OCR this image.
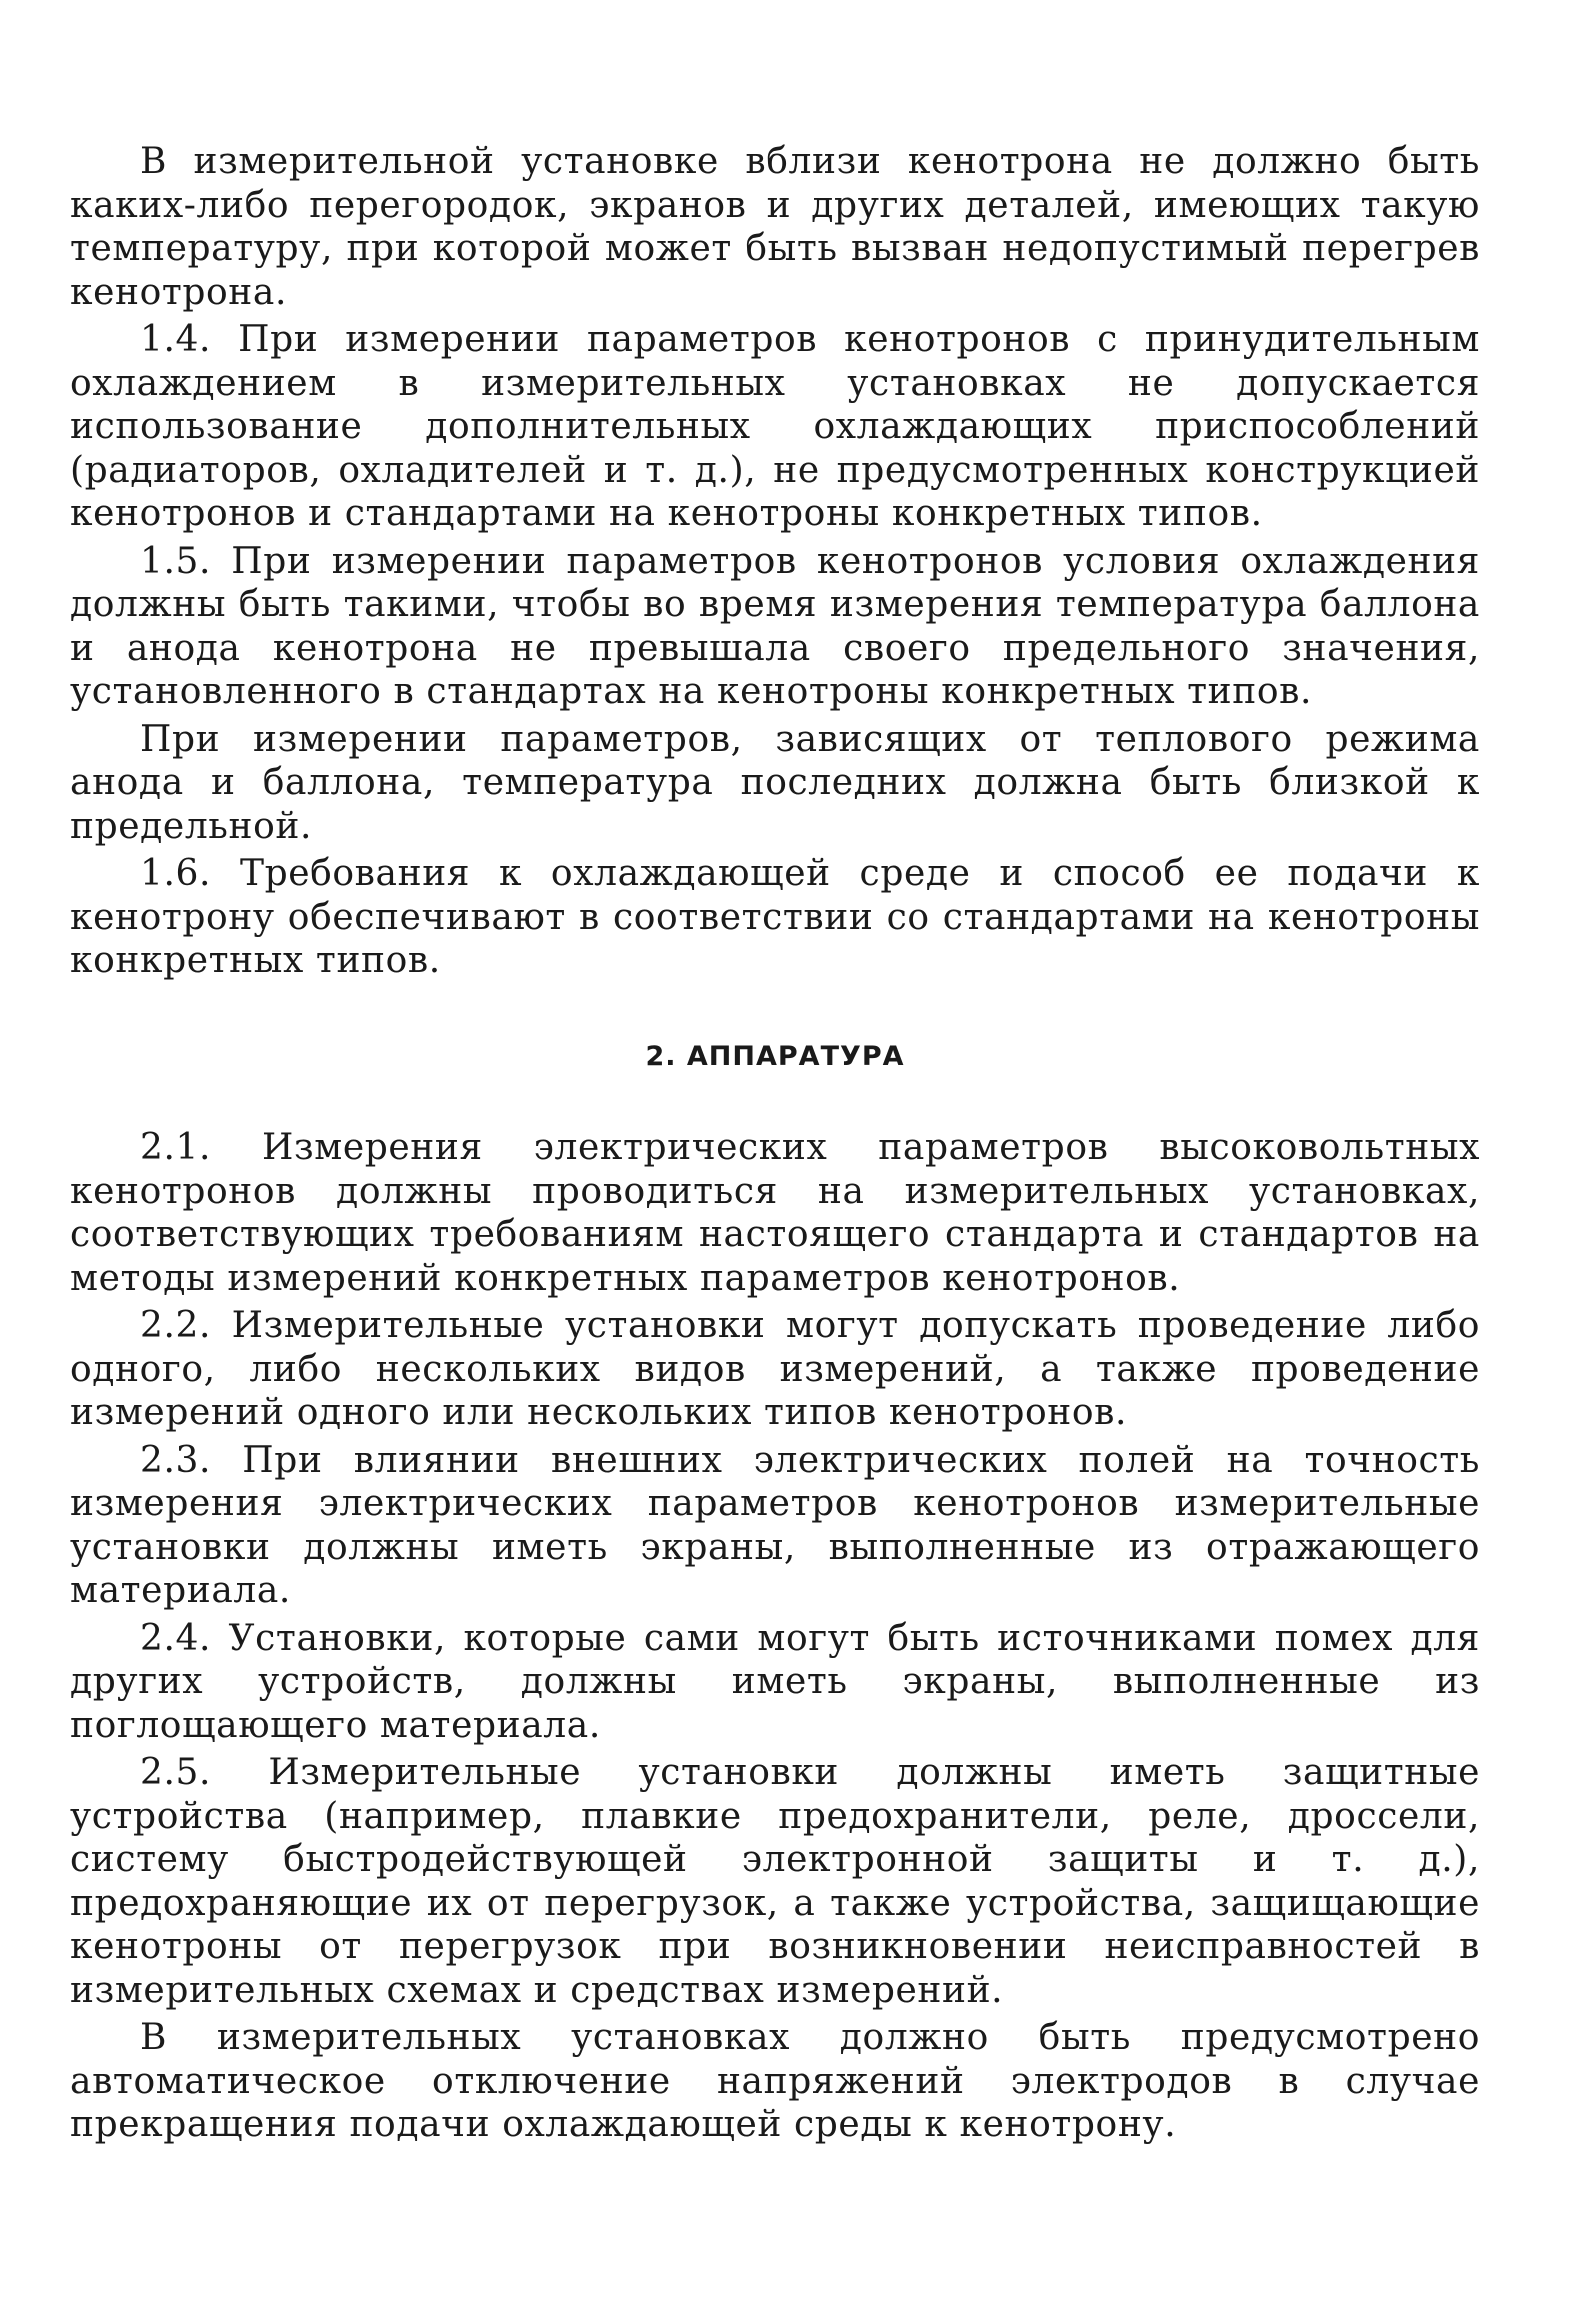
В измерительной установке вблизи кенотрона не должно быть каких-либо перегородок, экранов и других деталей, имеющих такую температуру, при которой может быть вызван недопустимый перегрев кенотрона.

1.4. При измерении параметров кенотронов с принудительным охлаждением в измерительных установках не допускается использование дополнительных охлаждающих приспособлений (радиаторов, охладителей и т. д.), не предусмотренных конструкцией кенотронов и стандартами на кенотроны конкретных типов.

1.5. При измерении параметров кенотронов условия охлаждения должны быть такими, чтобы во время измерения температура баллона и анода кенотрона не превышала своего предельного значения, установленного в стандартах на кенотроны конкретных типов.

При измерении параметров, зависящих от теплового режима анода и баллона, температура последних должна быть близкой к предельной.

1.6. Требования к охлаждающей среде и способ ее подачи к кенотрону обеспечивают в соответствии со стандартами на кенотроны конкретных типов.

2. АППАРАТУРА

2.1. Измерения электрических параметров высоковольтных кенотронов должны проводиться на измерительных установках, соответствующих требованиям настоящего стандарта и стандартов на методы измерений конкретных параметров кенотронов.

2.2. Измерительные установки могут допускать проведение либо одного, либо нескольких видов измерений, а также проведение измерений одного или нескольких типов кенотронов.

2.3. При влиянии внешних электрических полей на точность измерения электрических параметров кенотронов измерительные установки должны иметь экраны, выполненные из отражающего материала.

2.4. Установки, которые сами могут быть источниками помех для других устройств, должны иметь экраны, выполненные из поглощающего материала.

2.5. Измерительные установки должны иметь защитные устройства (например, плавкие предохранители, реле, дроссели, систему быстродействующей электронной защиты и т. д.), предохраняющие их от перегрузок, а также устройства, защищающие кенотроны от перегрузок при возникновении неисправностей в измерительных схемах и средствах измерений.

В измерительных установках должно быть предусмотрено автоматическое отключение напряжений электродов в случае прекращения подачи охлаждающей среды к кенотрону.
